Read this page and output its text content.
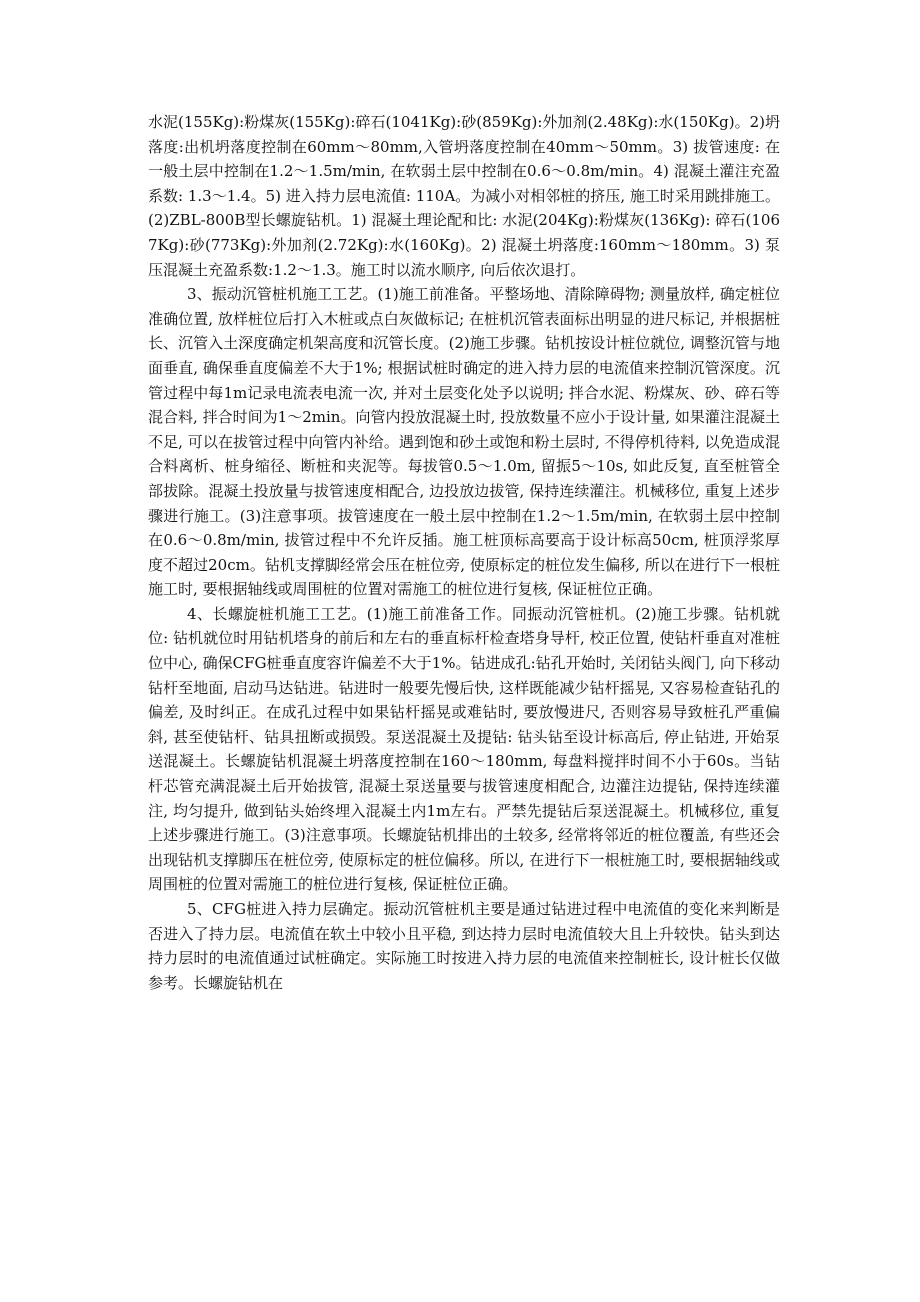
水泥(155Kg):粉煤灰(155Kg):碎石(1041Kg):砂(859Kg):外加剂(2.48Kg):水(150Kg)。2)坍落度:出机坍落度控制在60mm～80mm,入管坍落度控制在40mm～50mm。3) 拔管速度: 在一般土层中控制在1.2～1.5m/min, 在软弱土层中控制在0.6～0.8m/min。4) 混凝土灌注充盈系数: 1.3～1.4。5) 进入持力层电流值: 110A。为减小对相邻桩的挤压, 施工时采用跳排施工。(2)ZBL-800B型长螺旋钻机。1) 混凝土理论配和比: 水泥(204Kg):粉煤灰(136Kg): 碎石(1067Kg):砂(773Kg):外加剂(2.72Kg):水(160Kg)。2) 混凝土坍落度:160mm～180mm。3) 泵压混凝土充盈系数:1.2～1.3。施工时以流水顺序, 向后依次退打。

3、振动沉管桩机施工工艺。(1)施工前准备。平整场地、清除障碍物; 测量放样, 确定桩位准确位置, 放样桩位后打入木桩或点白灰做标记; 在桩机沉管表面标出明显的进尺标记, 并根据桩长、沉管入土深度确定机架高度和沉管长度。(2)施工步骤。钻机按设计桩位就位, 调整沉管与地面垂直, 确保垂直度偏差不大于1%; 根据试桩时确定的进入持力层的电流值来控制沉管深度。沉管过程中每1m记录电流表电流一次, 并对土层变化处予以说明; 拌合水泥、粉煤灰、砂、碎石等混合料, 拌合时间为1～2min。向管内投放混凝土时, 投放数量不应小于设计量, 如果灌注混凝土不足, 可以在拔管过程中向管内补给。遇到饱和砂土或饱和粉土层时, 不得停机待料, 以免造成混合料离析、桩身缩径、断桩和夹泥等。每拔管0.5～1.0m, 留振5～10s, 如此反复, 直至桩管全部拔除。混凝土投放量与拔管速度相配合, 边投放边拔管, 保持连续灌注。机械移位, 重复上述步骤进行施工。(3)注意事项。拔管速度在一般土层中控制在1.2～1.5m/min, 在软弱土层中控制在0.6～0.8m/min, 拔管过程中不允许反插。施工桩顶标高要高于设计标高50cm, 桩顶浮浆厚度不超过20cm。钻机支撑脚经常会压在桩位旁, 使原标定的桩位发生偏移, 所以在进行下一根桩施工时, 要根据轴线或周围桩的位置对需施工的桩位进行复核, 保证桩位正确。

4、长螺旋桩机施工工艺。(1)施工前准备工作。同振动沉管桩机。(2)施工步骤。钻机就位: 钻机就位时用钻机塔身的前后和左右的垂直标杆检查塔身导杆, 校正位置, 使钻杆垂直对准桩位中心, 确保CFG桩垂直度容许偏差不大于1%。钻进成孔:钻孔开始时, 关闭钻头阀门, 向下移动钻杆至地面, 启动马达钻进。钻进时一般要先慢后快, 这样既能减少钻杆摇晃, 又容易检查钻孔的偏差, 及时纠正。在成孔过程中如果钻杆摇晃或难钻时, 要放慢进尺, 否则容易导致桩孔严重偏斜, 甚至使钻杆、钻具扭断或损毁。泵送混凝土及提钻: 钻头钻至设计标高后, 停止钻进, 开始泵送混凝土。长螺旋钻机混凝土坍落度控制在160～180mm, 每盘料搅拌时间不小于60s。当钻杆芯管充满混凝土后开始拔管, 混凝土泵送量要与拔管速度相配合, 边灌注边提钻, 保持连续灌注, 均匀提升, 做到钻头始终埋入混凝土内1m左右。严禁先提钻后泵送混凝土。机械移位, 重复上述步骤进行施工。(3)注意事项。长螺旋钻机排出的土较多, 经常将邻近的桩位覆盖, 有些还会出现钻机支撑脚压在桩位旁, 使原标定的桩位偏移。所以, 在进行下一根桩施工时, 要根据轴线或周围桩的位置对需施工的桩位进行复核, 保证桩位正确。

5、CFG桩进入持力层确定。振动沉管桩机主要是通过钻进过程中电流值的变化来判断是否进入了持力层。电流值在软土中较小且平稳, 到达持力层时电流值较大且上升较快。钻头到达持力层时的电流值通过试桩确定。实际施工时按进入持力层的电流值来控制桩长, 设计桩长仅做参考。长螺旋钻机在
